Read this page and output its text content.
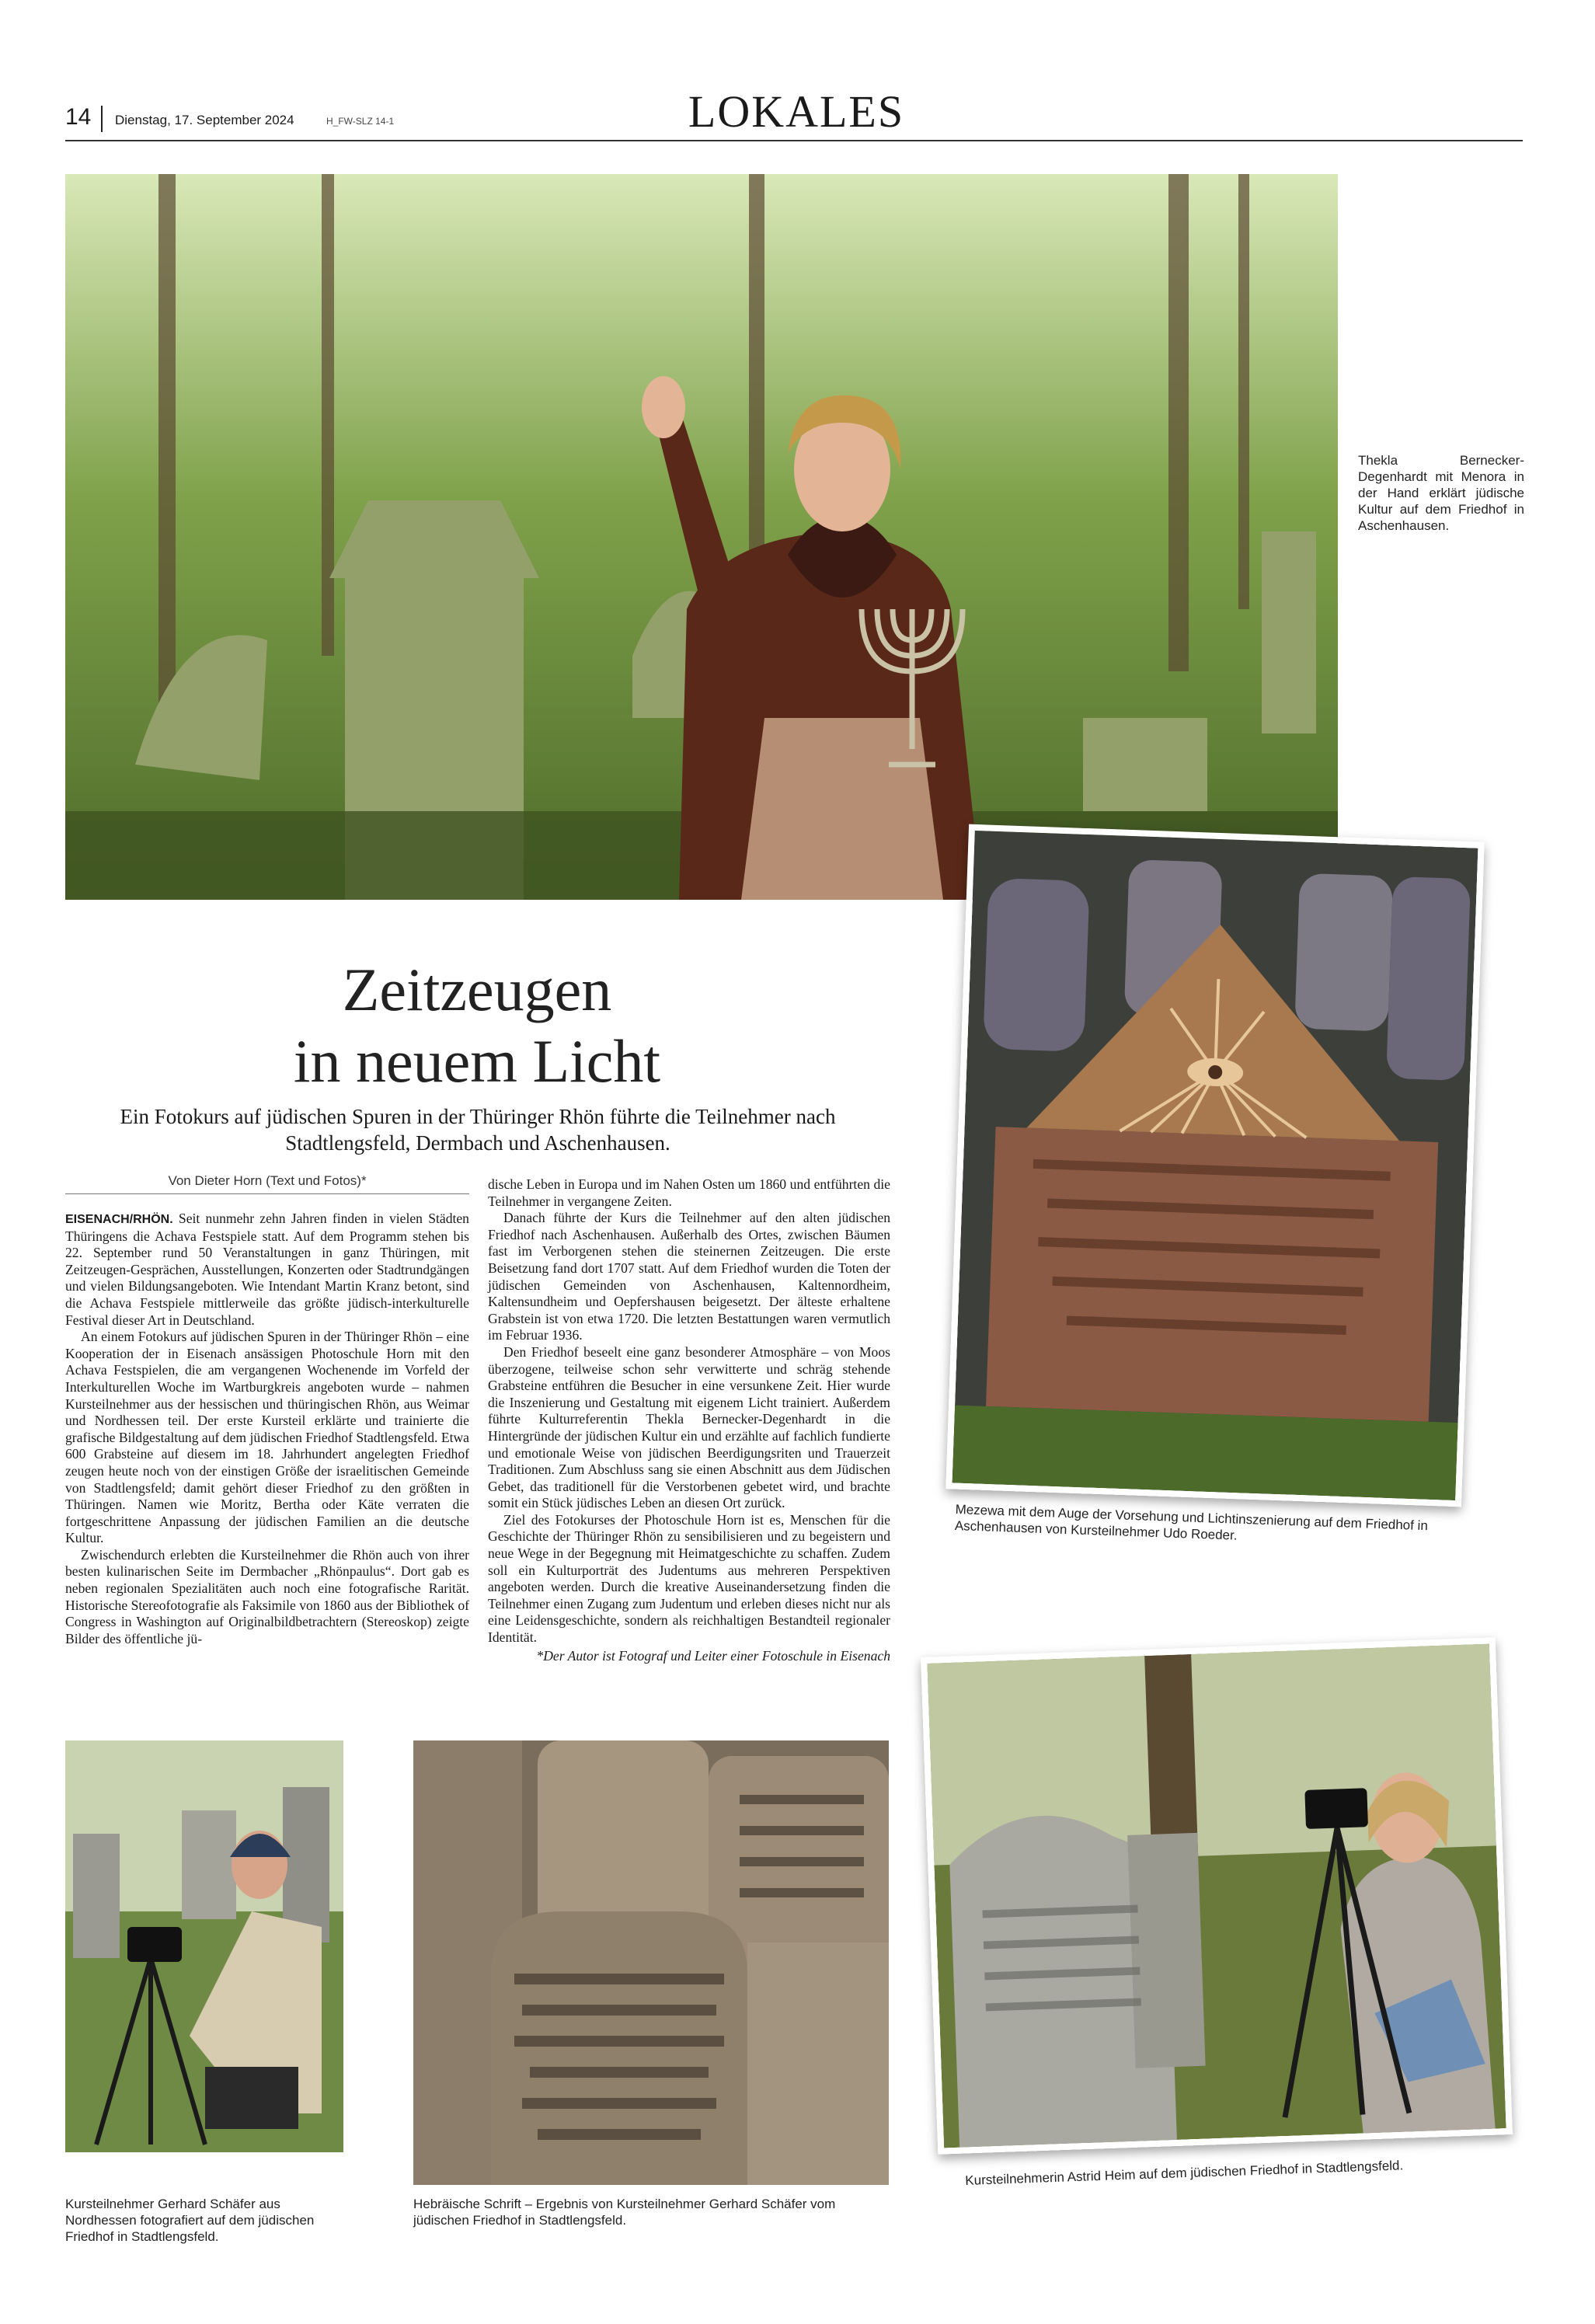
14 Dienstag, 17. September 2024	H_FW-SLZ 14-1	LOKALES
Thekla Bernecker-Degenhardt mit Menora in der Hand erklärt jüdische Kultur auf dem Friedhof in Aschenhausen.
Mezewa mit dem Auge der Vorsehung und Lichtinszenierung auf dem Friedhof in Aschenhausen von Kursteilnehmer Udo Roeder.
Zeitzeugen
in neuem Licht
Ein Fotokurs auf jüdischen Spuren in der Thüringer Rhön führte die Teilnehmer nach Stadtlengsfeld, Dermbach und Aschenhausen.
Von Dieter Horn (Text und Fotos)*

EISENACH/RHÖN. Seit nunmehr zehn Jahren finden in vielen Städten Thüringens die Achava Festspiele statt. Auf dem Programm stehen bis 22. September rund 50 Veranstaltungen in ganz Thüringen, mit Zeitzeugen-Gesprächen, Ausstellungen, Konzerten oder Stadtrundgängen und vielen Bildungsangeboten. Wie Intendant Martin Kranz betont, sind die Achava Festspiele mittlerweile das größte jüdisch-interkulturelle Festival dieser Art in Deutschland.

An einem Fotokurs auf jüdischen Spuren in der Thüringer Rhön – eine Kooperation der in Eisenach ansässigen Photoschule Horn mit den Achava Festspielen, die am vergangenen Wochenende im Vorfeld der Interkulturellen Woche im Wartburgkreis angeboten wurde – nahmen Kursteilnehmer aus der hessischen und thüringischen Rhön, aus Weimar und Nordhessen teil. Der erste Kursteil erklärte und trainierte die grafische Bildgestaltung auf dem jüdischen Friedhof Stadtlengsfeld. Etwa 600 Grabsteine auf diesem im 18. Jahrhundert angelegten Friedhof zeugen heute noch von der einstigen Größe der israelitischen Gemeinde von Stadtlengsfeld; damit gehört dieser Friedhof zu den größten in Thüringen. Namen wie Moritz, Bertha oder Käte verraten die fortgeschrittene Anpassung der jüdischen Familien an die deutsche Kultur.

Zwischendurch erlebten die Kursteilnehmer die Rhön auch von ihrer besten kulinarischen Seite im Dermbacher „Rhönpaulus“. Dort gab es neben regionalen Spezialitäten auch noch eine fotografische Rarität. Historische Stereofotografie als Faksimile von 1860 aus der Bibliothek of Congress in Washington auf Originalbildbetrachtern (Stereoskop) zeigte Bilder des öffentliche jü-

dische Leben in Europa und im Nahen Osten um 1860 und entführten die Teilnehmer in vergangene Zeiten.

Danach führte der Kurs die Teilnehmer auf den alten jüdischen Friedhof nach Aschenhausen. Außerhalb des Ortes, zwischen Bäumen fast im Verborgenen stehen die steinernen Zeitzeugen. Die erste Beisetzung fand dort 1707 statt. Auf dem Friedhof wurden die Toten der jüdischen Gemeinden von Aschenhausen, Kaltennordheim, Kaltensundheim und Oepfershausen beigesetzt. Der älteste erhaltene Grabstein ist von etwa 1720. Die letzten Bestattungen waren vermutlich im Februar 1936.

Den Friedhof beseelt eine ganz besonderer Atmosphäre – von Moos überzogene, teilweise schon sehr verwitterte und schräg stehende Grabsteine entführen die Besucher in eine versunkene Zeit. Hier wurde die Inszenierung und Gestaltung mit eigenem Licht trainiert. Außerdem führte Kulturreferentin Thekla Bernecker-Degenhardt in die Hintergründe der jüdischen Kultur ein und erzählte auf fachlich fundierte und emotionale Weise von jüdischen Beerdigungsriten und Trauerzeit Traditionen. Zum Abschluss sang sie einen Abschnitt aus dem Jüdischen Gebet, das traditionell für die Verstorbenen gebetet wird, und brachte somit ein Stück jüdisches Leben an diesen Ort zurück.

Ziel des Fotokurses der Photoschule Horn ist es, Menschen für die Geschichte der Thüringer Rhön zu sensibilisieren und zu begeistern und neue Wege in der Begegnung mit Heimatgeschichte zu schaffen. Zudem soll ein Kulturporträt des Judentums aus mehreren Perspektiven angeboten werden. Durch die kreative Auseinandersetzung finden die Teilnehmer einen Zugang zum Judentum und erleben dieses nicht nur als eine Leidensgeschichte, sondern als reichhaltigen Bestandteil regionaler Identität.

*Der Autor ist Fotograf und Leiter einer Fotoschule in Eisenach
Kursteilnehmer Gerhard Schäfer aus Nordhessen fotografiert auf dem jüdischen Friedhof in Stadtlengsfeld.
Hebräische Schrift – Ergebnis von Kursteilnehmer Gerhard Schäfer vom jüdischen Friedhof in Stadtlengsfeld.
Kursteilnehmerin Astrid Heim auf dem jüdischen Friedhof in Stadtlengsfeld.
